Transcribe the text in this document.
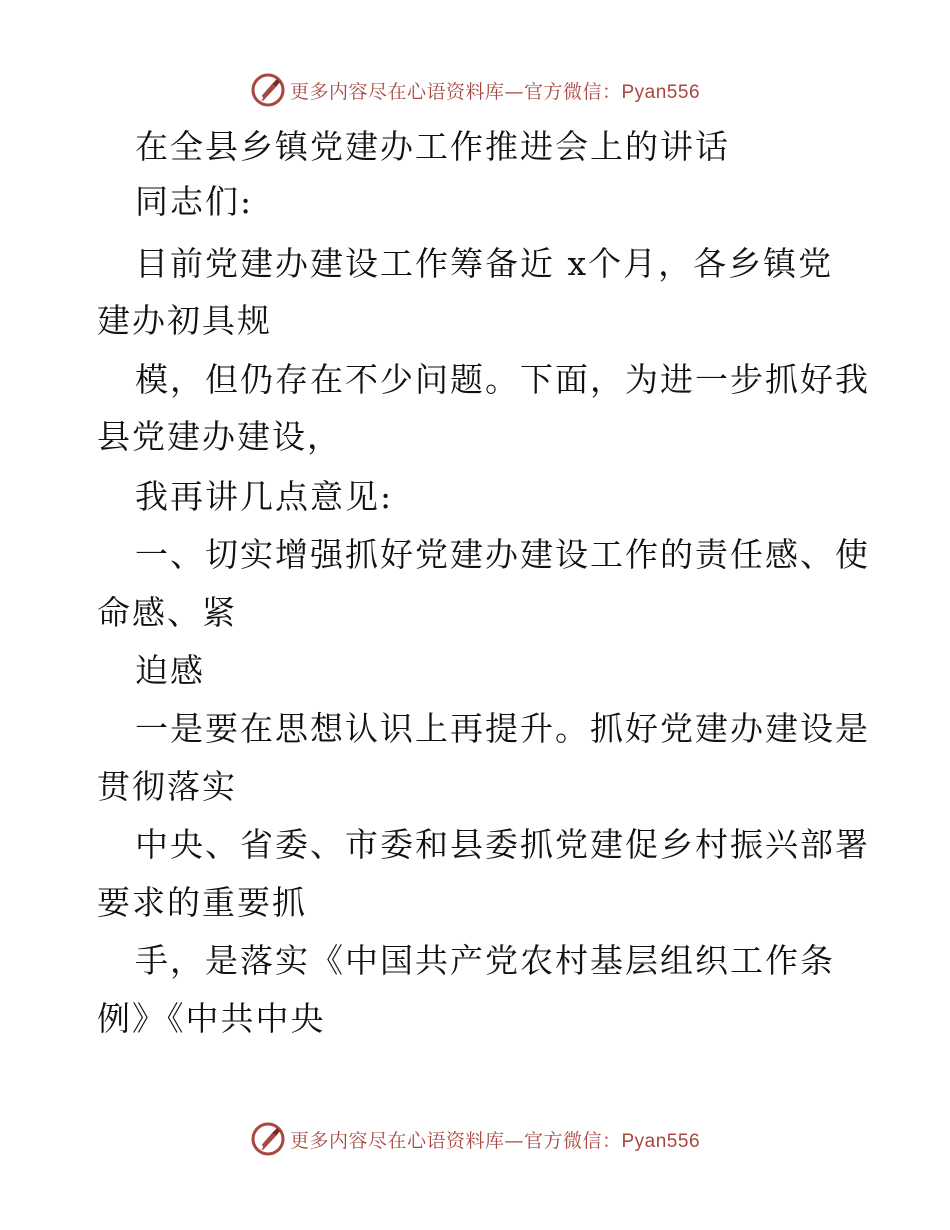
更多内容尽在心语资料库—官方微信：Pyan556
在全县乡镇党建办工作推进会上的讲话
同志们:
目前党建办建设工作筹备近 x个月，各乡镇党
建办初具规
模，但仍存在不少问题。下面，为进一步抓好我
县党建办建设，
我再讲几点意见:
一、切实增强抓好党建办建设工作的责任感、使
命感、紧
迫感
一是要在思想认识上再提升。抓好党建办建设是
贯彻落实
中央、省委、市委和县委抓党建促乡村振兴部署
要求的重要抓
手，是落实《中国共产党农村基层组织工作条
例》《中共中央
更多内容尽在心语资料库—官方微信：Pyan556
